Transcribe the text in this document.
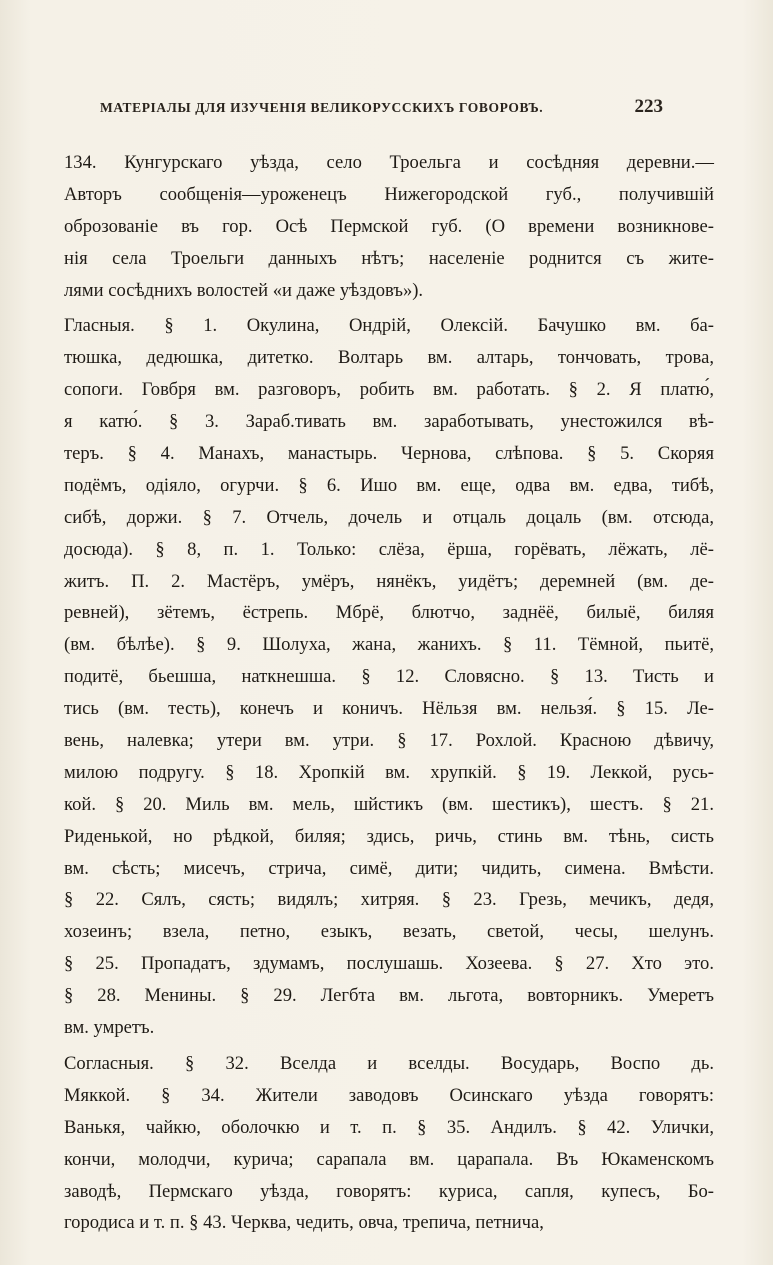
МАТЕРІАЛЫ ДЛЯ ИЗУЧЕНІЯ ВЕЛИКОРУССКИХЪ ГОВОРОВЪ.	223
134. Кунгурскаго уѣзда, село Троельга и сосѣдняя деревни.—
Авторъ сообщенія—уроженецъ Нижегородской губ., получившій
оброзованіе въ гор. Осѣ Пермской губ. (О времени возникнове-
нія села Троельги данныхъ нѣтъ; населеніе роднится съ жите-
лями сосѣднихъ волостей «и даже уѣздовъ»).
Гласныя. § 1. Окулина, Ондрій, Олексій. Бачушко вм. ба-
тюшка, дедюшка, дитетко. Волтарь вм. алтарь, тончовать, трова,
сопоги. Говбря вм. разговоръ, робить вм. работать. § 2. Я платю́,
я катю́. § 3. Зараб.тивать вм. заработывать, унестожился вѣ-
теръ. § 4. Манахъ, манастырь. Чернова, слѣпова. § 5. Скоряя
подёмъ, одіяло, огурчи. § 6. Ишо вм. еще, одва вм. едва, тибѣ,
сибѣ, доржи. § 7. Отчель, дочель и отцаль доцаль (вм. отсюда,
досюда). § 8, п. 1. Только: слёза, ёрша, горёвать, лёжать, лё-
житъ. П. 2. Мастёръ, умёръ, нянёкъ, уидётъ; деремней (вм. де-
ревней), зётемъ, ёстрепь. Мбрё, блютчо, заднёё, билыё, биляя
(вм. бѣлѣе). § 9. Шолуха, жана, жанихъ. § 11. Тёмной, пьитё,
подитё, бьешша, наткнешша. § 12. Словясно. § 13. Тисть и
тись (вм. тесть), конечъ и коничъ. Нёльзя вм. нельзя́. § 15. Ле-
вень, налевка; утери вм. утри. § 17. Рохлой. Красною дѣвичу,
милою подругу. § 18. Хропкій вм. хрупкій. § 19. Леккой, русь-
кой. § 20. Миль вм. мель, шйстикъ (вм. шестикъ), шестъ. § 21.
Риденькой, но рѣдкой, биляя; здись, ричь, стинь вм. тѣнь, систь
вм. сѣсть; мисечъ, стрича, симё, дити; чидить, симена. Вмѣсти.
§ 22. Сялъ, сясть; видялъ; хитряя. § 23. Грезь, мечикъ, дедя,
хозеинъ; взела, петно, езыкъ, везать, светой, чесы, шелунъ.
§ 25. Пропадатъ, здумамъ, послушашь. Хозеева. § 27. Хто это.
§ 28. Менины. § 29. Легбта вм. льгота, вовторникъ. Умеретъ
вм. умретъ.
Согласныя. § 32. Вселда и вселды. Восударь, Воспо дь.
Мяккой. § 34. Жители заводовъ Осинскаго уѣзда говорятъ:
Ванькя, чайкю, оболочкю и т. п. § 35. Андилъ. § 42. Улички,
кончи, молодчи, курича; сарапала вм. царапала. Въ Юкаменскомъ
заводѣ, Пермскаго уѣзда, говорятъ: куриса, сапля, купесъ, Бо-
городиса и т. п. § 43. Черква, чедить, овча, трепича, петничa,
